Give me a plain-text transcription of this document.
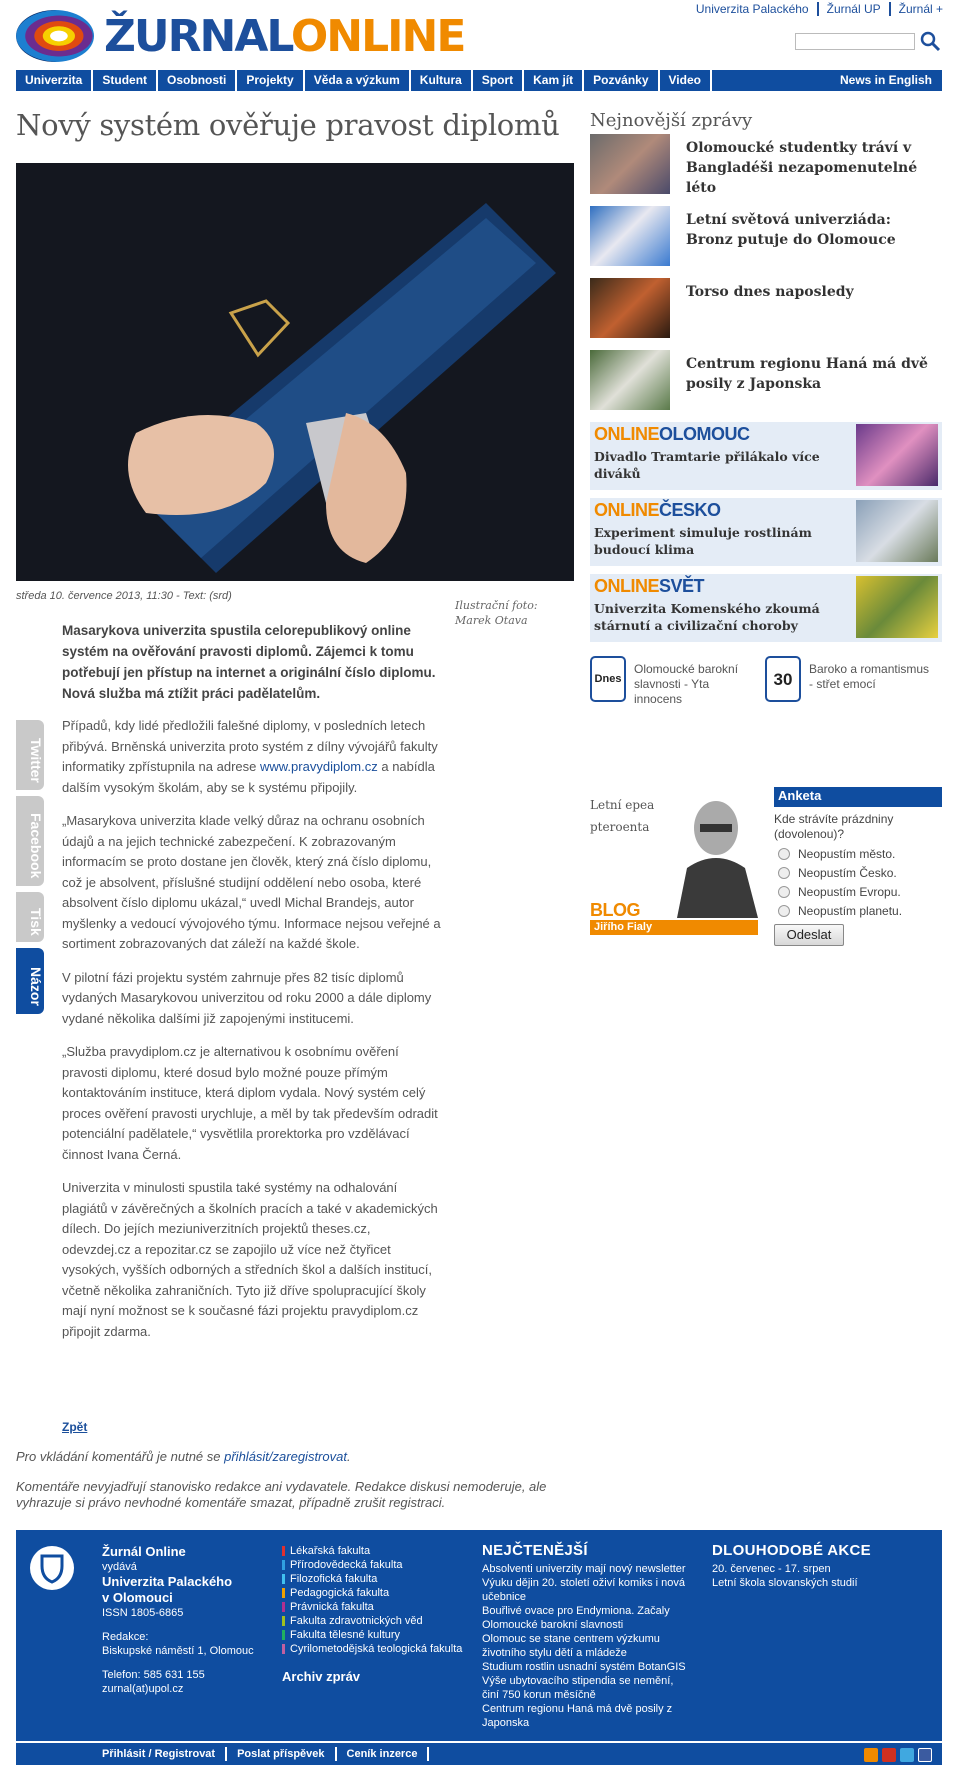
ŽURNALONLINE
Univerzita Palackého Žurnál UP Žurnál +
Univerzita	Student	Osobnosti	Projekty	Věda a výzkum	Kultura	Sport	Kam jít	Pozvánky	Video	News in English
Nový systém ověřuje pravost diplomů
středa 10. července 2013, 11:30 - Text: (srd)
Ilustrační foto: Marek Otava

Masarykova univerzita spustila celorepublikový online systém na ověřování pravosti diplomů. Zájemci k tomu potřebují jen přístup na internet a originální číslo diplomu. Nová služba má ztížit práci padělatelům.

Případů, kdy lidé předložili falešné diplomy, v posledních letech přibývá. Brněnská univerzita proto systém z dílny vývojářů fakulty informatiky zpřístupnila na adrese www.pravydiplom.cz a nabídla dalším vysokým školám, aby se k systému připojily.

„Masarykova univerzita klade velký důraz na ochranu osobních údajů a na jejich technické zabezpečení. K zobrazovaným informacím se proto dostane jen člověk, který zná číslo diplomu, což je absolvent, příslušné studijní oddělení nebo osoba, které absolvent číslo diplomu ukázal,“ uvedl Michal Brandejs, autor myšlenky a vedoucí vývojového týmu. Informace nejsou veřejné a sortiment zobrazovaných dat záleží na každé škole.

V pilotní fázi projektu systém zahrnuje přes 82 tisíc diplomů vydaných Masarykovou univerzitou od roku 2000 a dále diplomy vydané několika dalšími již zapojenými institucemi.

„Služba pravydiplom.cz je alternativou k osobnímu ověření pravosti diplomu, které dosud bylo možné pouze přímým kontaktováním instituce, která diplom vydala. Nový systém celý proces ověření pravosti urychluje, a měl by tak především odradit potenciální padělatele,“ vysvětlila prorektorka pro vzdělávací činnost Ivana Černá.

Univerzita v minulosti spustila také systémy na odhalování plagiátů v závěrečných a školních pracích a také v akademických dílech. Do jejích meziuniverzitních projektů theses.cz, odevzdej.cz a repozitar.cz se zapojilo už více než čtyřicet vysokých, vyšších odborných a středních škol a dalších institucí, včetně několika zahraničních. Tyto již dříve spolupracující školy mají nyní možnost se k současné fázi projektu pravydiplom.cz připojit zdarma.

Zpět

Pro vkládání komentářů je nutné se přihlásit/zaregistrovat.

Komentáře nevyjadřují stanovisko redakce ani vydavatele. Redakce diskusi nemoderuje, ale vyhrazuje si právo nevhodné komentáře smazat, případně zrušit registraci.

Twitter
Facebook
Tisk
Názor
Nejnovější zprávy
Olomoucké studentky tráví v Bangladéši nezapomenutelné léto
Letní světová univerziáda: Bronz putuje do Olomouce
Torso dnes naposledy
Centrum regionu Haná má dvě posily z Japonska
ONLINEOLOMOUC
Divadlo Tramtarie přilákalo více diváků
ONLINEČESKO
Experiment simuluje rostlinám budoucí klima
ONLINESVĚT
Univerzita Komenského zkoumá stárnutí a civilizační choroby
Dnes
Olomoucké barokní slavnosti - Yta innocens
30
Baroko a romantismus - střet emocí
Letní epea pteroenta
BLOG
Jiřího Fialy
Anketa
Kde strávíte prázdniny (dovolenou)?
Neopustím město.
Neopustím Česko.
Neopustím Evropu.
Neopustím planetu.
Odeslat
Žurnál Online
vydává
Univerzita Palackého
v Olomouci
ISSN 1805-6865
Redakce:
Biskupské náměstí 1, Olomouc
Telefon: 585 631 155
zurnal(at)upol.cz
Lékařská fakulta
Přírodovědecká fakulta
Filozofická fakulta
Pedagogická fakulta
Právnická fakulta
Fakulta zdravotnických věd
Fakulta tělesné kultury
Cyrilometodějská teologická fakulta
Archiv zpráv
NEJČTENĚJŠÍ
Absolventi univerzity mají nový newsletter
Výuku dějin 20. století oživí komiks i nová učebnice
Bouřlivé ovace pro Endymiona. Začaly Olomoucké barokní slavnosti
Olomouc se stane centrem výzkumu životního stylu dětí a mládeže
Studium rostlin usnadní systém BotanGIS
Výše ubytovacího stipendia se nemění, činí 750 korun měsíčně
Centrum regionu Haná má dvě posily z Japonska
DLOUHODOBÉ AKCE
20. červenec - 17. srpen
Letní škola slovanských studií
Přihlásit / Registrovat	Poslat příspěvek	Ceník inzerce
